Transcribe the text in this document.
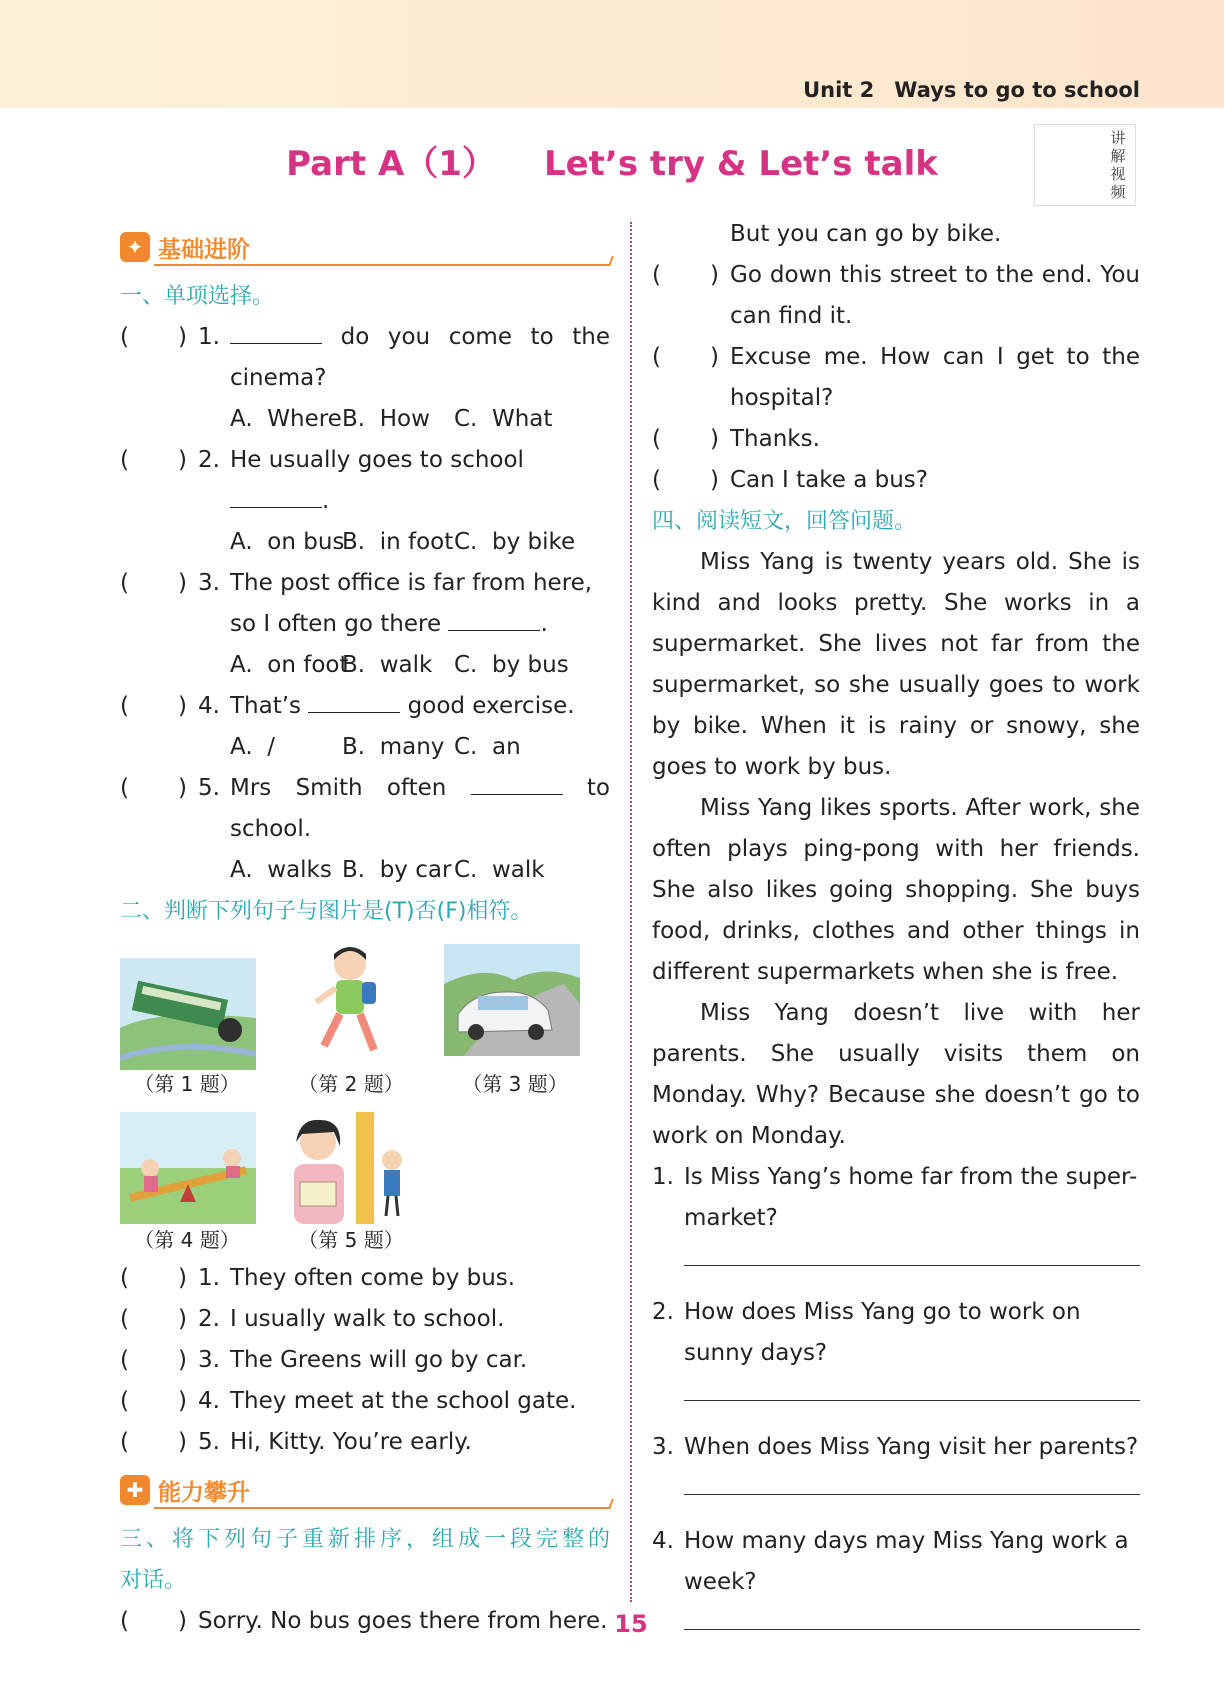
Unit 2 Ways to go to school
Part A（1） Let’s try & Let’s talk
讲
解
视
频
✦ 基础进阶
一、单项选择。
( ) 1.	do you come to the
cinema?
A.  WhereB.  How C.  What
( ) 2. He usually goes to school .
A.  on busB.  in footC.  by bike
( ) 3. The post office is far from here,
so I often go there	.
A.  on footB.  walk C.  by bus
( ) 4. That’s	good exercise.
A.  /	B.  many C.  an
( ) 5. Mrs Smith often	to
school.
A.  walks B.  by car C.  walk
二、判断下列句子与图片是(T)否(F)相符。
（第 1 题）	（第 2 题）	（第 3 题）
（第 4 题）	（第 5 题）
( ) 1. They often come by bus.
( ) 2. I usually walk to school.
( ) 3. The Greens will go by car.
( ) 4. They meet at the school gate.
( ) 5. Hi, Kitty. You’re early.
✚ 能力攀升
三、将下列句子重新排序，组成一段完整的
对话。
( ) Sorry. No bus goes there from here.
But you can go by bike.
( ) Go down this street to the end. You
can find it.
( ) Excuse me. How can I get to the
hospital?
( ) Thanks.
( ) Can I take a bus?
四、阅读短文，回答问题。
Miss Yang is twenty years old. She is kind and looks pretty. She works in a supermarket. She lives not far from the supermarket, so she usually goes to work by bike. When it is rainy or snowy, she goes to work by bus.
Miss Yang likes sports. After work, she often plays ping-pong with her friends. She also likes going shopping. She buys food, drinks, clothes and other things in different supermarkets when she is free.
Miss Yang doesn’t live with her parents. She usually visits them on Monday. Why? Because she doesn’t go to work on Monday.
1. Is Miss Yang’s home far from the super-market?
2. How does Miss Yang go to work on sunny days?
3. When does Miss Yang visit her parents?
4. How many days may Miss Yang work a week?
15
